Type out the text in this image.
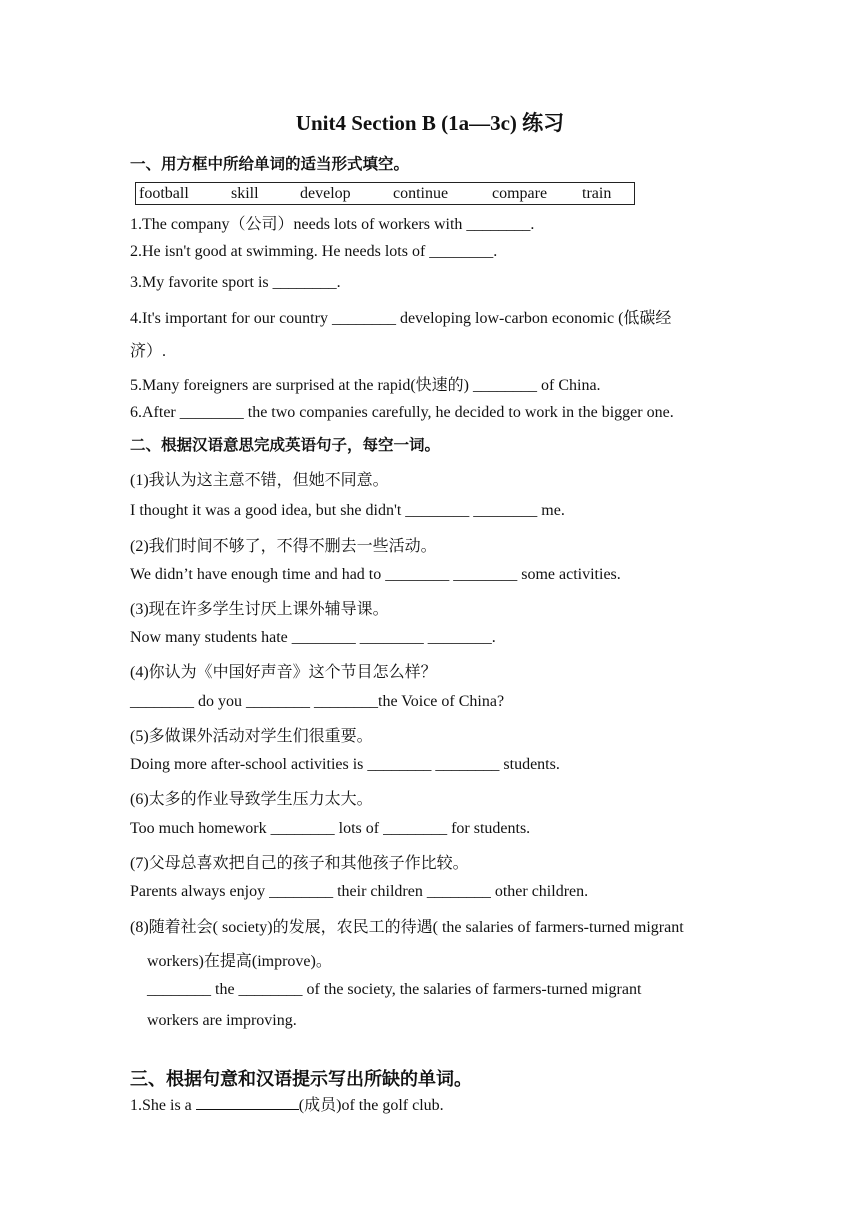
Unit4 Section B (1a—3c) 练习
一、用方框中所给单词的适当形式填空。
football	skill	develop	continue	compare train
1.The company（公司）needs lots of workers with ________.
2.He isn't good at swimming. He needs lots of ________.
3.My favorite sport is ________.
4.It's important for our country ________ developing low-carbon economic (低碳经
济）.
5.Many foreigners are surprised at the rapid(快速的) ________ of China.
6.After ________ the two companies carefully, he decided to work in the bigger one.
二、根据汉语意思完成英语句子，每空一词。
(1)我认为这主意不错，但她不同意。
I thought it was a good idea, but she didn't ________ ________ me.
(2)我们时间不够了，不得不删去一些活动。
We didn’t have enough time and had to ________ ________ some activities.
(3)现在许多学生讨厌上课外辅导课。
Now many students hate ________ ________ ________.
(4)你认为《中国好声音》这个节目怎么样？
________ do you ________ ________the Voice of China?
(5)多做课外活动对学生们很重要。
Doing more after-school activities is ________ ________ students.
(6)太多的作业导致学生压力太大。
Too much homework ________ lots of ________ for students.
(7)父母总喜欢把自己的孩子和其他孩子作比较。
Parents always enjoy ________ their children ________ other children.
(8)随着社会( society)的发展，农民工的待遇( the salaries of farmers-turned migrant
workers)在提高(improve)。
________ the ________ of the society, the salaries of farmers-turned migrant
workers are improving.
三、根据句意和汉语提示写出所缺的单词。
1.She is a	(成员)of the golf club.
